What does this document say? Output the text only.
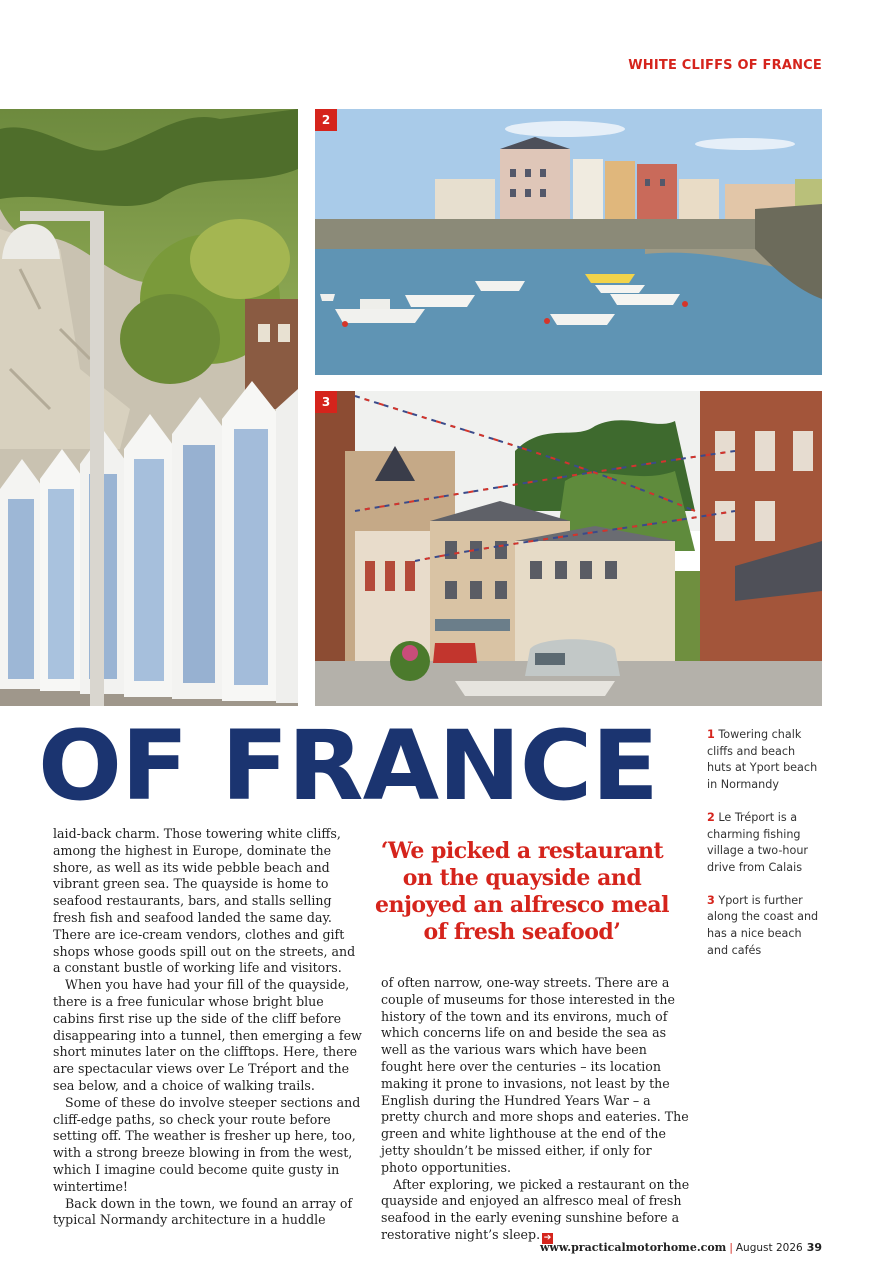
WHITE CLIFFS OF FRANCE
2
3
OF FRANCE

laid-back charm. Those towering white cliffs, among the highest in Europe, dominate the shore, as well as its wide pebble beach and vibrant green sea. The quayside is home to seafood restaurants, bars, and stalls selling fresh fish and seafood landed the same day. There are ice-cream vendors, clothes and gift shops whose goods spill out on the streets, and a constant bustle of working life and visitors.

When you have had your fill of the quayside, there is a free funicular whose bright blue cabins first rise up the side of the cliff before disappearing into a tunnel, then emerging a few short minutes later on the clifftops. Here, there are spectacular views over Le Tréport and the sea below, and a choice of walking trails.

Some of these do involve steeper sections and cliff-edge paths, so check your route before setting off. The weather is fresher up here, too, with a strong breeze blowing in from the west, which I imagine could become quite gusty in wintertime!

Back down in the town, we found an array of typical Normandy architecture in a huddle

‘We picked a restaurant on the quayside and enjoyed an alfresco meal of fresh seafood’

of often narrow, one-way streets. There are a couple of museums for those interested in the history of the town and its environs, much of which concerns life on and beside the sea as well as the various wars which have been fought here over the centuries – its location making it prone to invasions, not least by the English during the Hundred Years War – a pretty church and more shops and eateries. The green and white lighthouse at the end of the jetty shouldn’t be missed either, if only for photo opportunities.

After exploring, we picked a restaurant on the quayside and enjoyed an alfresco meal of fresh seafood in the early evening sunshine before a restorative night’s sleep. ➔

1 Towering chalk cliffs and beach huts at Yport beach in Normandy
2 Le Tréport is a charming fishing village a two-hour drive from Calais
3 Yport is further along the coast and has a nice beach and cafés
www.practicalmotorhome.com | August 2026 39
